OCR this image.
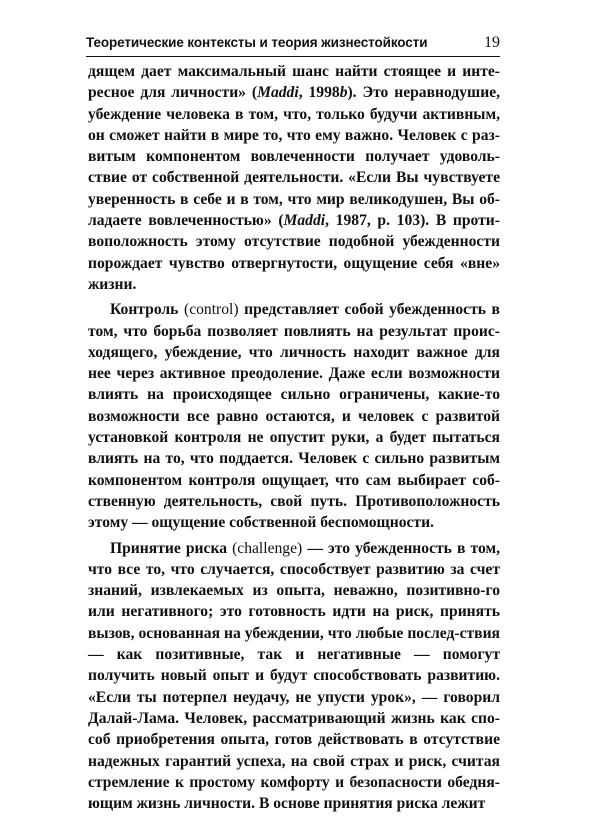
Теоретические контексты и теория жизнестойкости	19

дящем дает максимальный шанс найти стоящее и инте-ресное для личности» (Maddi, 1998b). Это неравнодушие, убеждение человека в том, что, только будучи активным, он сможет найти в мире то, что ему важно. Человек с раз-витым компонентом вовлеченности получает удоволь-ствие от собственной деятельности. «Если Вы чувствуете уверенность в себе и в том, что мир великодушен, Вы об-ладаете вовлеченностью» (Maddi, 1987, p. 103). В проти-воположность этому отсутствие подобной убежденности порождает чувство отвергнутости, ощущение себя «вне» жизни.

Контроль (control) представляет собой убежденность в том, что борьба позволяет повлиять на результат проис-ходящего, убеждение, что личность находит важное для нее через активное преодоление. Даже если возможности влиять на происходящее сильно ограничены, какие-то возможности все равно остаются, и человек с развитой установкой контроля не опустит руки, а будет пытаться влиять на то, что поддается. Человек с сильно развитым компонентом контроля ощущает, что сам выбирает соб-ственную деятельность, свой путь. Противоположность этому — ощущение собственной беспомощности.

Принятие риска (challenge) — это убежденность в том, что все то, что случается, способствует развитию за счет знаний, извлекаемых из опыта, неважно, позитивно-го или негативного; это готовность идти на риск, принять вызов, основанная на убеждении, что любые послед-ствия — как позитивные, так и негативные — помогут получить новый опыт и будут способствовать развитию. «Если ты потерпел неудачу, не упусти урок», — говорил Далай-Лама. Человек, рассматривающий жизнь как спо-соб приобретения опыта, готов действовать в отсутствие надежных гарантий успеха, на свой страх и риск, считая стремление к простому комфорту и безопасности обедня-ющим жизнь личности. В основе принятия риска лежит
